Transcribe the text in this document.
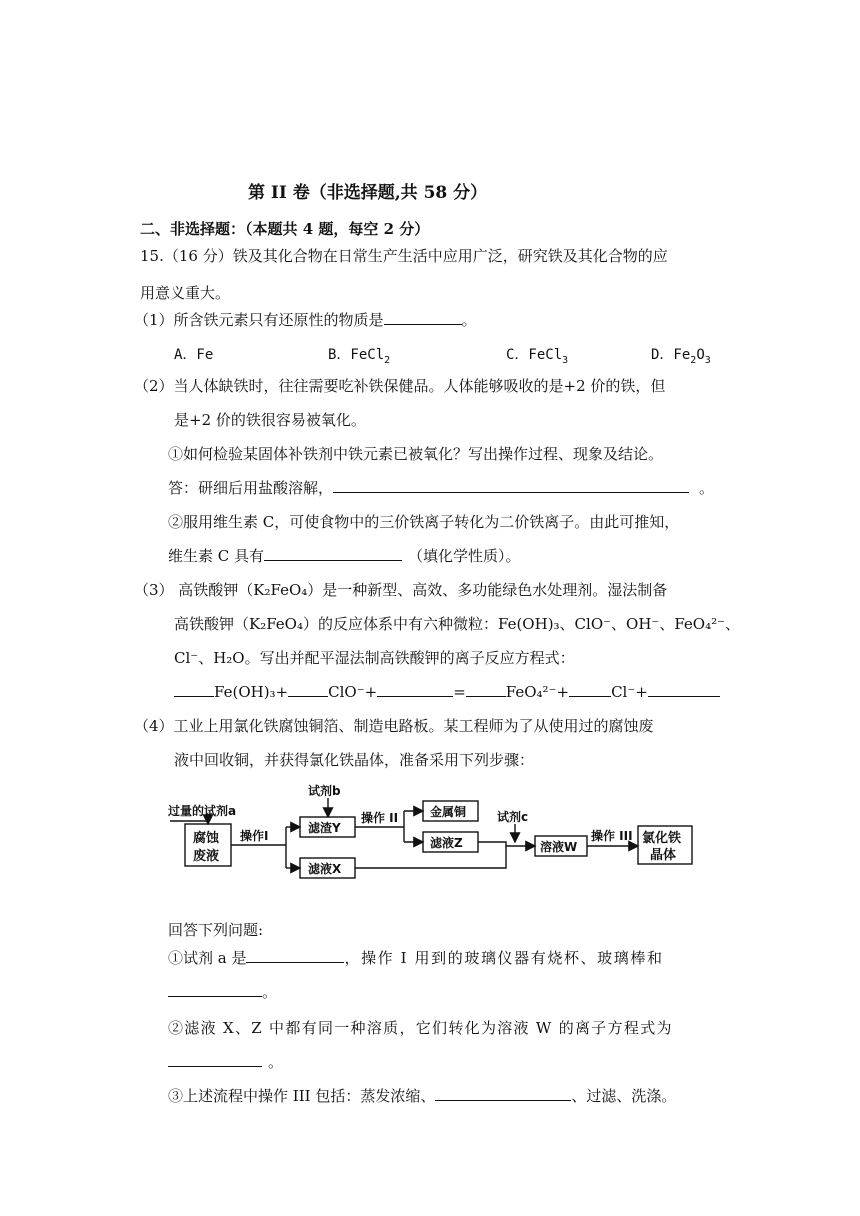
第 II 卷（非选择题,共 58 分）
二、非选择题：（本题共 4 题，每空 2 分）
15.（16 分）铁及其化合物在日常生产生活中应用广泛，研究铁及其化合物的应
用意义重大。
（1）所含铁元素只有还原性的物质是	。
A．Fe	B．FeCl$_2$	C．FeCl$_3$	D．$Fe_2O_3$
（2）当人体缺铁时，往往需要吃补铁保健品。人体能够吸收的是+2 价的铁，但
是+2 价的铁很容易被氧化。
①如何检验某固体补铁剂中铁元素已被氧化？写出操作过程、现象及结论。
答：研细后用盐酸溶解，	。
②服用维生素 C，可使食物中的三价铁离子转化为二价铁离子。由此可推知，
维生素 C 具有	（填化学性质）。
（3） 高铁酸钾（K₂FeO₄）是一种新型、高效、多功能绿色水处理剂。湿法制备
高铁酸钾（K₂FeO₄）的反应体系中有六种微粒：Fe(OH)₃、ClO⁻、OH⁻、FeO₄²⁻、
Cl⁻、H₂O。写出并配平湿法制高铁酸钾的离子反应方程式：
Fe(OH)₃+	ClO⁻+	=	FeO₄²⁻+	Cl⁻+
（4）工业上用氯化铁腐蚀铜箔、制造电路板。某工程师为了从使用过的腐蚀废
液中回收铜，并获得氯化铁晶体，准备采用下列步骤：
过量的试剂a
试剂b
试剂c
腐蚀
废液
操作I
滤渣Y
操作 II	金属铜
滤液Z
滤液X
溶液W
操作 III 氯化铁
晶体
回答下列问题:
①试剂 a 是	，操作 I 用到的玻璃仪器有烧杯、玻璃棒和
。
②滤液 X、Z 中都有同一种溶质，它们转化为溶液 W 的离子方程式为
。
③上述流程中操作 III 包括：蒸发浓缩、	、过滤、洗涤。
